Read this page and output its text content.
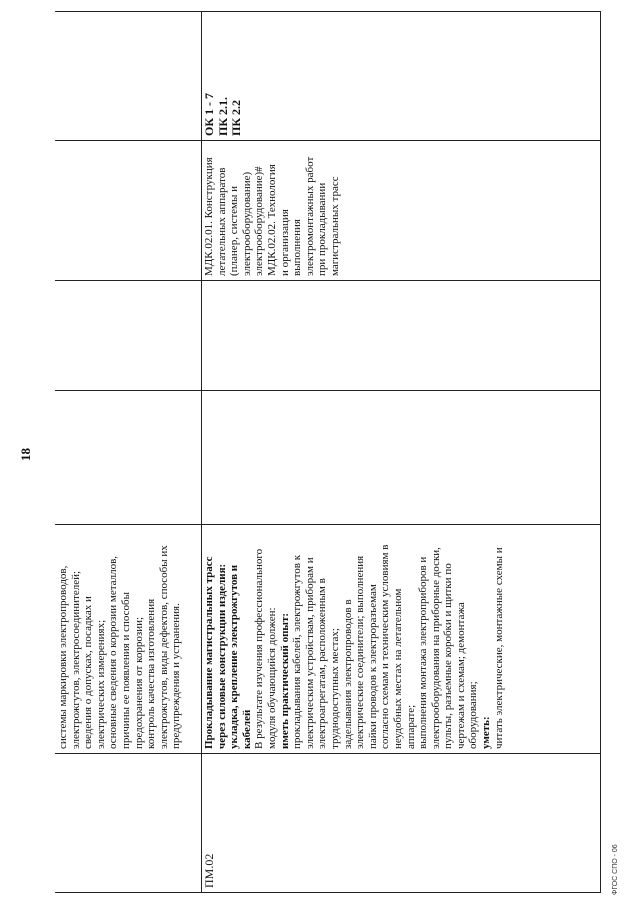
18
системы маркировки электропроводов, электрожгутов, электросоединителей; сведения о допусках, посадках и электрических измерениях; основные сведения о коррозии металлов, причины ее появления и способы предохранения от коррозии; контроль качества изготовления электрожгутов, виды дефектов, способы их предупреждения и устранения.
ПМ.02
Прокладывание магистральных трасс через силовые конструкции изделия: укладка, крепление электрожгутов и кабелей В результате изучения профессионального модуля обучающийся должен: иметь практический опыт: прокладывания кабелей, электрожгутов к электрическим устройствам, приборам и электроагрегатам, расположенным в труднодоступных местах; заделывания электропроводов в электрические соединители; выполнения пайки проводов к электроразъемам согласно схемам и техническим условиям в неудобных местах на летательном аппарате; выполнения монтажа электроприборов и электрооборудования на приборные доски, пульты, разъемные коробки и щитки по чертежам и схемам; демонтажа оборудования; уметь: читать электрические, монтажные схемы и
МДК.02.01. Конструкция летательных аппаратов (планер, системы и электрооборудование) электрооборудование)# МДК.02.02. Технология и организация выполнения электромонтажных работ при прокладывании магистральных трасс
ОК 1 - 7 ПК 2.1. ПК 2.2
ФГОС СПО - 06
